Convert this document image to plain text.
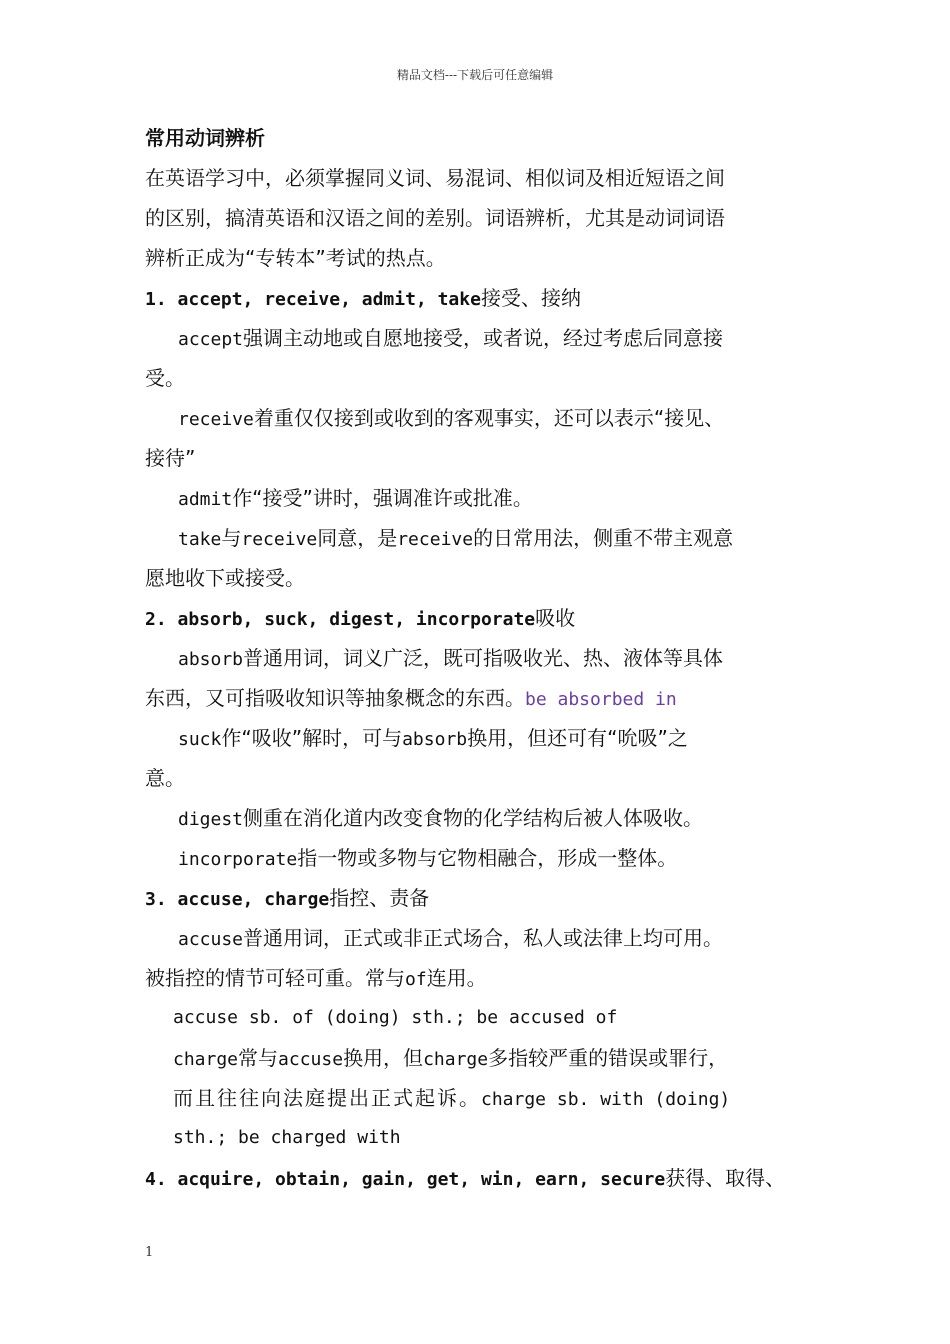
精品文档---下载后可任意编辑
常用动词辨析
在英语学习中，必须掌握同义词、易混词、相似词及相近短语之间
的区别，搞清英语和汉语之间的差别。词语辨析，尤其是动词词语
辨析正成为“专转本”考试的热点。
1. accept, receive, admit, take接受、接纳
accept强调主动地或自愿地接受，或者说，经过考虑后同意接
受。
receive着重仅仅接到或收到的客观事实，还可以表示“接见、
接待”
admit作“接受”讲时，强调准许或批准。
take与receive同意，是receive的日常用法，侧重不带主观意
愿地收下或接受。
2. absorb, suck, digest, incorporate吸收
absorb普通用词，词义广泛，既可指吸收光、热、液体等具体
东西，又可指吸收知识等抽象概念的东西。be absorbed in
suck作“吸收”解时，可与absorb换用，但还可有“吮吸”之
意。
digest侧重在消化道内改变食物的化学结构后被人体吸收。
incorporate指一物或多物与它物相融合，形成一整体。
3. accuse, charge指控、责备
accuse普通用词，正式或非正式场合，私人或法律上均可用。
被指控的情节可轻可重。常与of连用。
accuse sb. of (doing) sth.; be accused of
charge常与accuse换用，但charge多指较严重的错误或罪行，
而且往往向法庭提出正式起诉。charge sb. with (doing)
sth.; be charged with
4. acquire, obtain, gain, get, win, earn, secure获得、取得、
1
